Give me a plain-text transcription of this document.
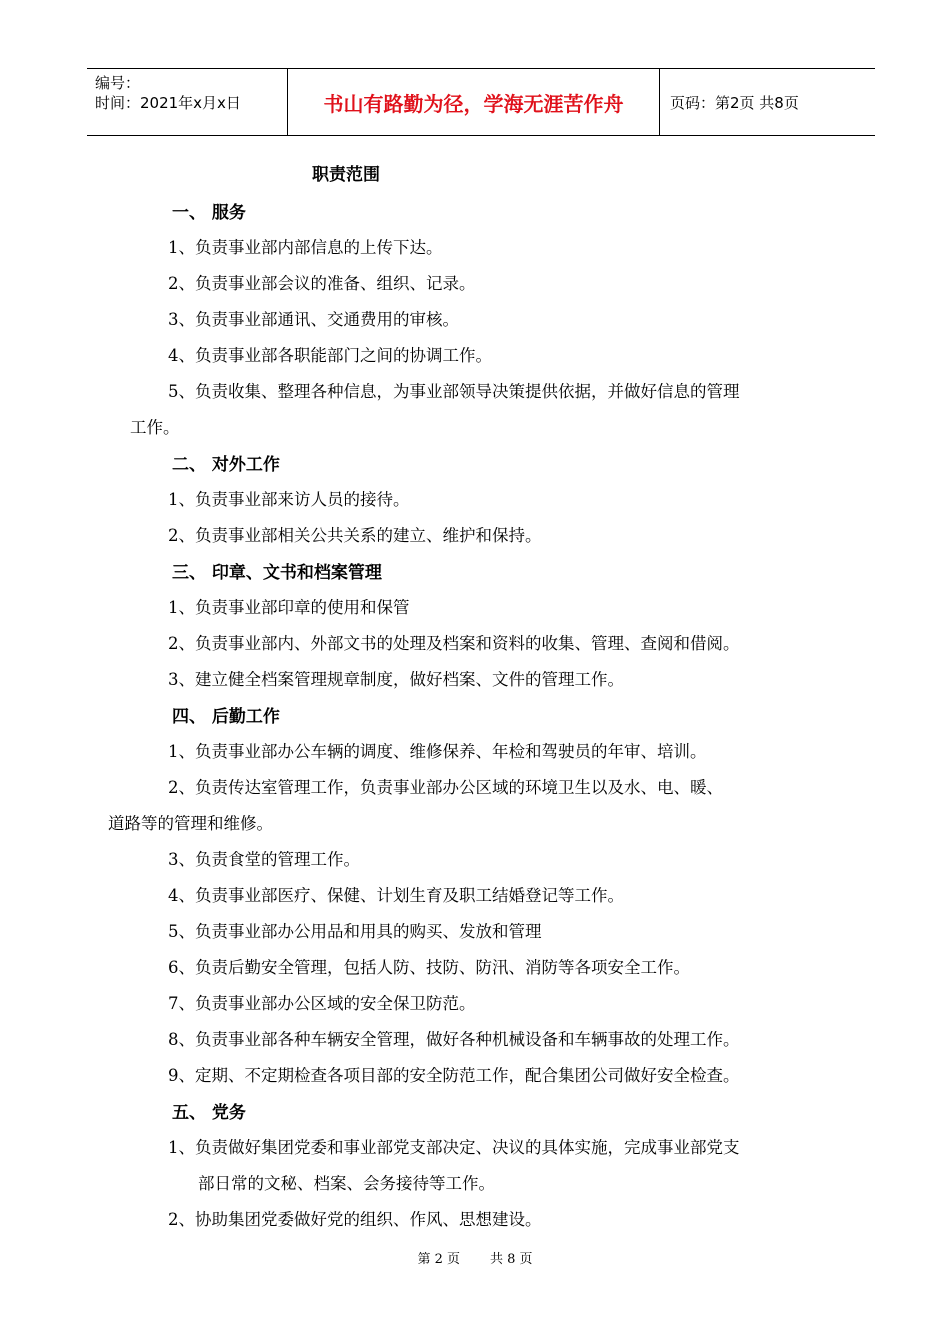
编号：
时间：2021年x月x日	书山有路勤为径，学海无涯苦作舟	页码：第2页 共8页
职责范围
一、 服务
1、负责事业部内部信息的上传下达。
2、负责事业部会议的准备、组织、记录。
3、负责事业部通讯、交通费用的审核。
4、负责事业部各职能部门之间的协调工作。
5、负责收集、整理各种信息，为事业部领导决策提供依据，并做好信息的管理
工作。
二、 对外工作
1、负责事业部来访人员的接待。
2、负责事业部相关公共关系的建立、维护和保持。
三、 印章、文书和档案管理
1、负责事业部印章的使用和保管
2、负责事业部内、外部文书的处理及档案和资料的收集、管理、查阅和借阅。
3、建立健全档案管理规章制度，做好档案、文件的管理工作。
四、 后勤工作
1、负责事业部办公车辆的调度、维修保养、年检和驾驶员的年审、培训。
2、负责传达室管理工作，负责事业部办公区域的环境卫生以及水、电、暖、
道路等的管理和维修。
3、负责食堂的管理工作。
4、负责事业部医疗、保健、计划生育及职工结婚登记等工作。
5、负责事业部办公用品和用具的购买、发放和管理
6、负责后勤安全管理，包括人防、技防、防汛、消防等各项安全工作。
7、负责事业部办公区域的安全保卫防范。
8、负责事业部各种车辆安全管理，做好各种机械设备和车辆事故的处理工作。
9、定期、不定期检查各项目部的安全防范工作，配合集团公司做好安全检查。
五、 党务
1、负责做好集团党委和事业部党支部决定、决议的具体实施，完成事业部党支
部日常的文秘、档案、会务接待等工作。
2、协助集团党委做好党的组织、作风、思想建设。
第 2 页 共 8 页
